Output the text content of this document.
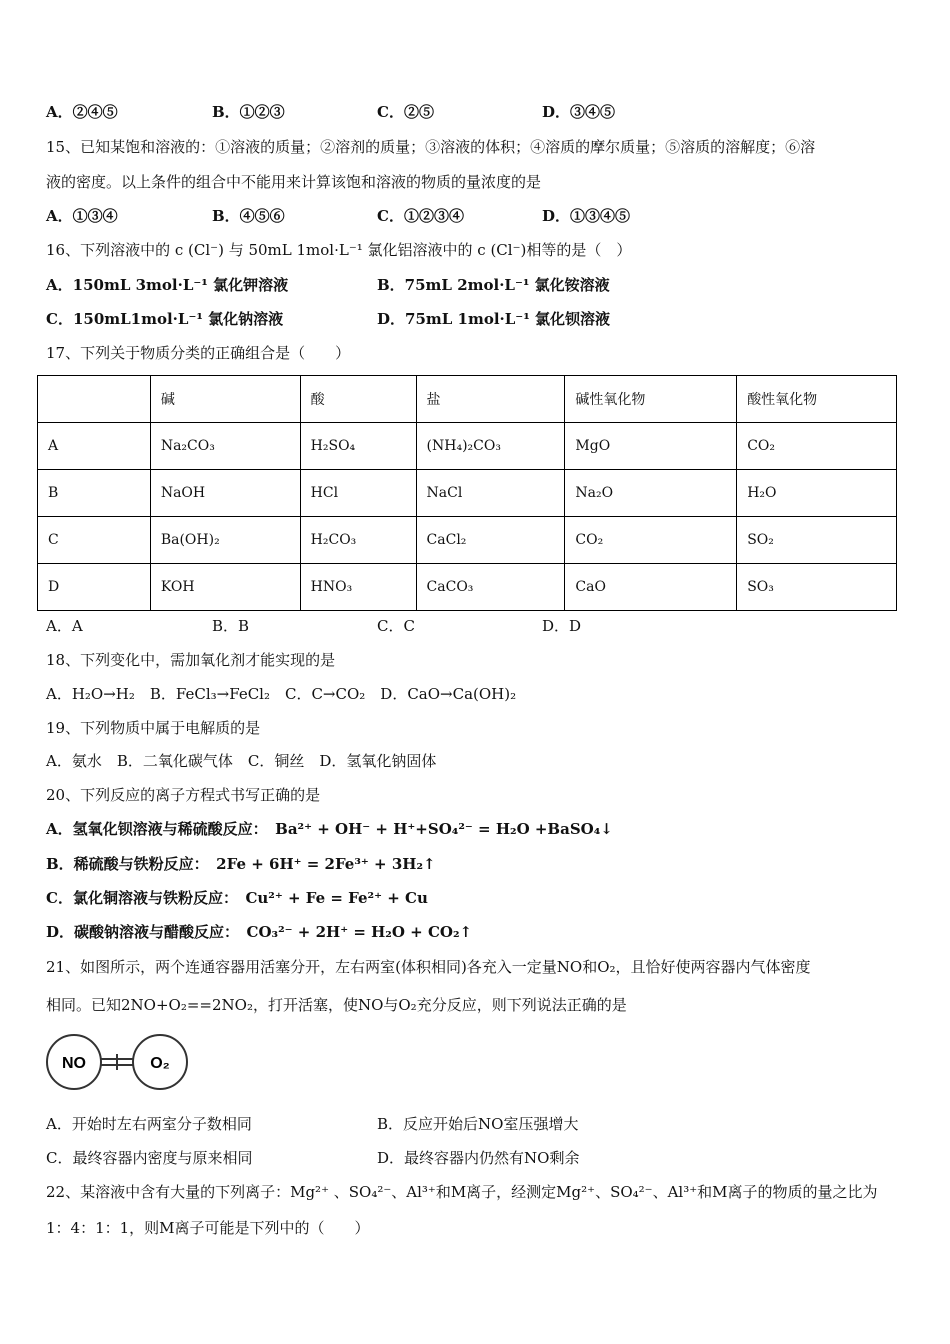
A．②④⑤	B．①②③	C．②⑤	D．③④⑤
15、已知某饱和溶液的：①溶液的质量；②溶剂的质量；③溶液的体积；④溶质的摩尔质量；⑤溶质的溶解度；⑥溶
液的密度。以上条件的组合中不能用来计算该饱和溶液的物质的量浓度的是
A．①③④	B．④⑤⑥	C．①②③④	D．①③④⑤
16、下列溶液中的 c (Cl⁻) 与 50mL 1mol·L⁻¹ 氯化铝溶液中的 c (Cl⁻)相等的是（　）
A．150mL 3mol·L⁻¹ 氯化钾溶液	B．75mL 2mol·L⁻¹ 氯化铵溶液
C．150mL1mol·L⁻¹ 氯化钠溶液	D．75mL 1mol·L⁻¹ 氯化钡溶液
17、下列关于物质分类的正确组合是（　　）
	碱	酸	盐	碱性氧化物	酸性氧化物
A	Na₂CO₃	H₂SO₄	(NH₄)₂CO₃	MgO	CO₂
B	NaOH	HCl	NaCl	Na₂O	H₂O
C	Ba(OH)₂	H₂CO₃	CaCl₂	CO₂	SO₂
D	KOH	HNO₃	CaCO₃	CaO	SO₃
A．A	B．B	C．C	D．D
18、下列变化中，需加氧化剂才能实现的是
A．H₂O→H₂　B．FeCl₃→FeCl₂　C．C→CO₂　D．CaO→Ca(OH)₂
19、下列物质中属于电解质的是
A．氨水　B．二氧化碳气体　C．铜丝　D．氢氧化钠固体
20、下列反应的离子方程式书写正确的是
A．氢氧化钡溶液与稀硫酸反应：　Ba²⁺ + OH⁻ + H⁺+SO₄²⁻ = H₂O +BaSO₄↓
B．稀硫酸与铁粉反应：　2Fe + 6H⁺ = 2Fe³⁺ + 3H₂↑
C．氯化铜溶液与铁粉反应：　Cu²⁺ + Fe = Fe²⁺ + Cu
D．碳酸钠溶液与醋酸反应：　CO₃²⁻ + 2H⁺ = H₂O + CO₂↑
21、如图所示，两个连通容器用活塞分开，左右两室(体积相同)各充入一定量NO和O₂，且恰好使两容器内气体密度
相同。已知2NO+O₂==2NO₂，打开活塞，使NO与O₂充分反应，则下列说法正确的是
NO	O₂
A．开始时左右两室分子数相同	B．反应开始后NO室压强增大
C．最终容器内密度与原来相同	D．最终容器内仍然有NO剩余
22、某溶液中含有大量的下列离子：Mg²⁺ 、SO₄²⁻、Al³⁺和M离子，经测定Mg²⁺、SO₄²⁻、Al³⁺和M离子的物质的量之比为
1：4：1：1，则M离子可能是下列中的（　　）
